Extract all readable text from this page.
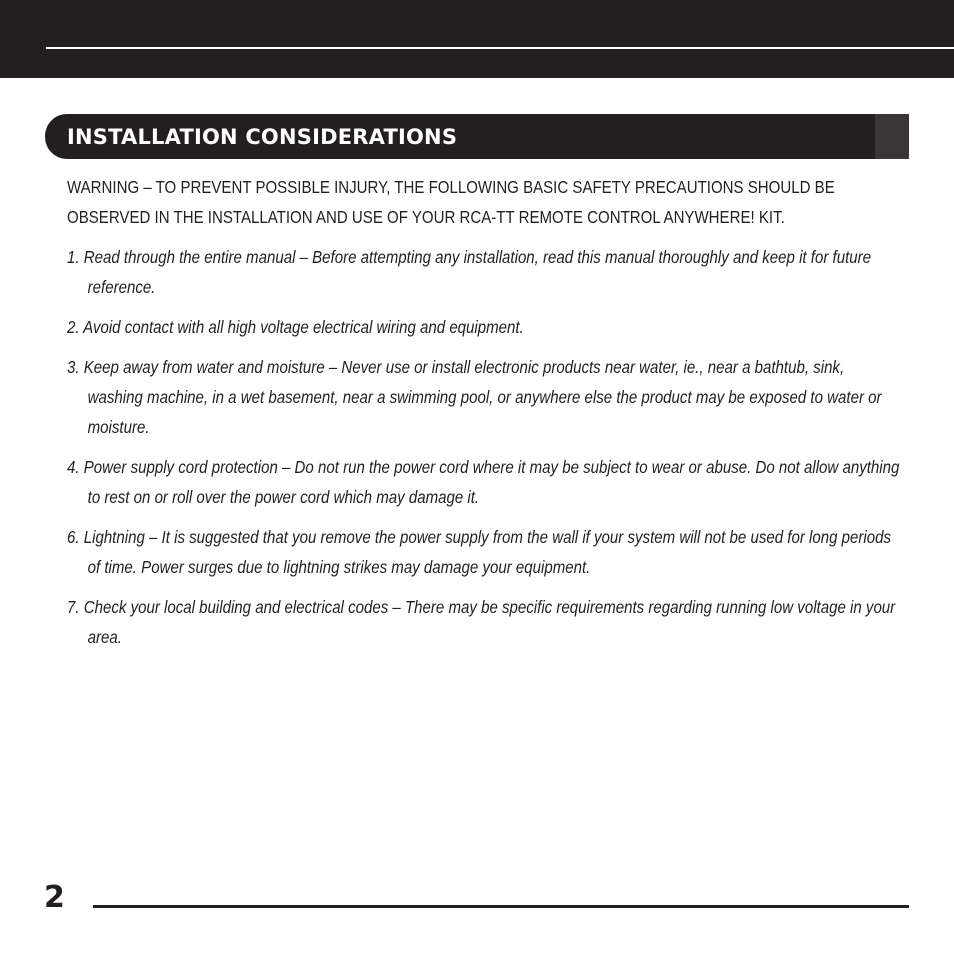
INSTALLATION CONSIDERATIONS

WARNING – TO PREVENT POSSIBLE INJURY, THE FOLLOWING BASIC SAFETY PRECAUTIONS SHOULD BE OBSERVED IN THE INSTALLATION AND USE OF YOUR RCA-TT REMOTE CONTROL ANYWHERE! KIT.

1. Read through the entire manual – Before attempting any installation, read this manual thoroughly and keep it for future reference.

2. Avoid contact with all high voltage electrical wiring and equipment.

3. Keep away from water and moisture – Never use or install electronic products near water, ie., near a bathtub, sink, washing machine, in a wet basement, near a swimming pool, or anywhere else the product may be exposed to water or moisture.

4. Power supply cord protection – Do not run the power cord where it may be subject to wear or abuse. Do not allow anything to rest on or roll over the power cord which may damage it.

6. Lightning – It is suggested that you remove the power supply from the wall if your system will not be used for long periods of time. Power surges due to lightning strikes may damage your equipment.

7. Check your local building and electrical codes – There may be specific requirements regarding running low voltage in your area.

2
